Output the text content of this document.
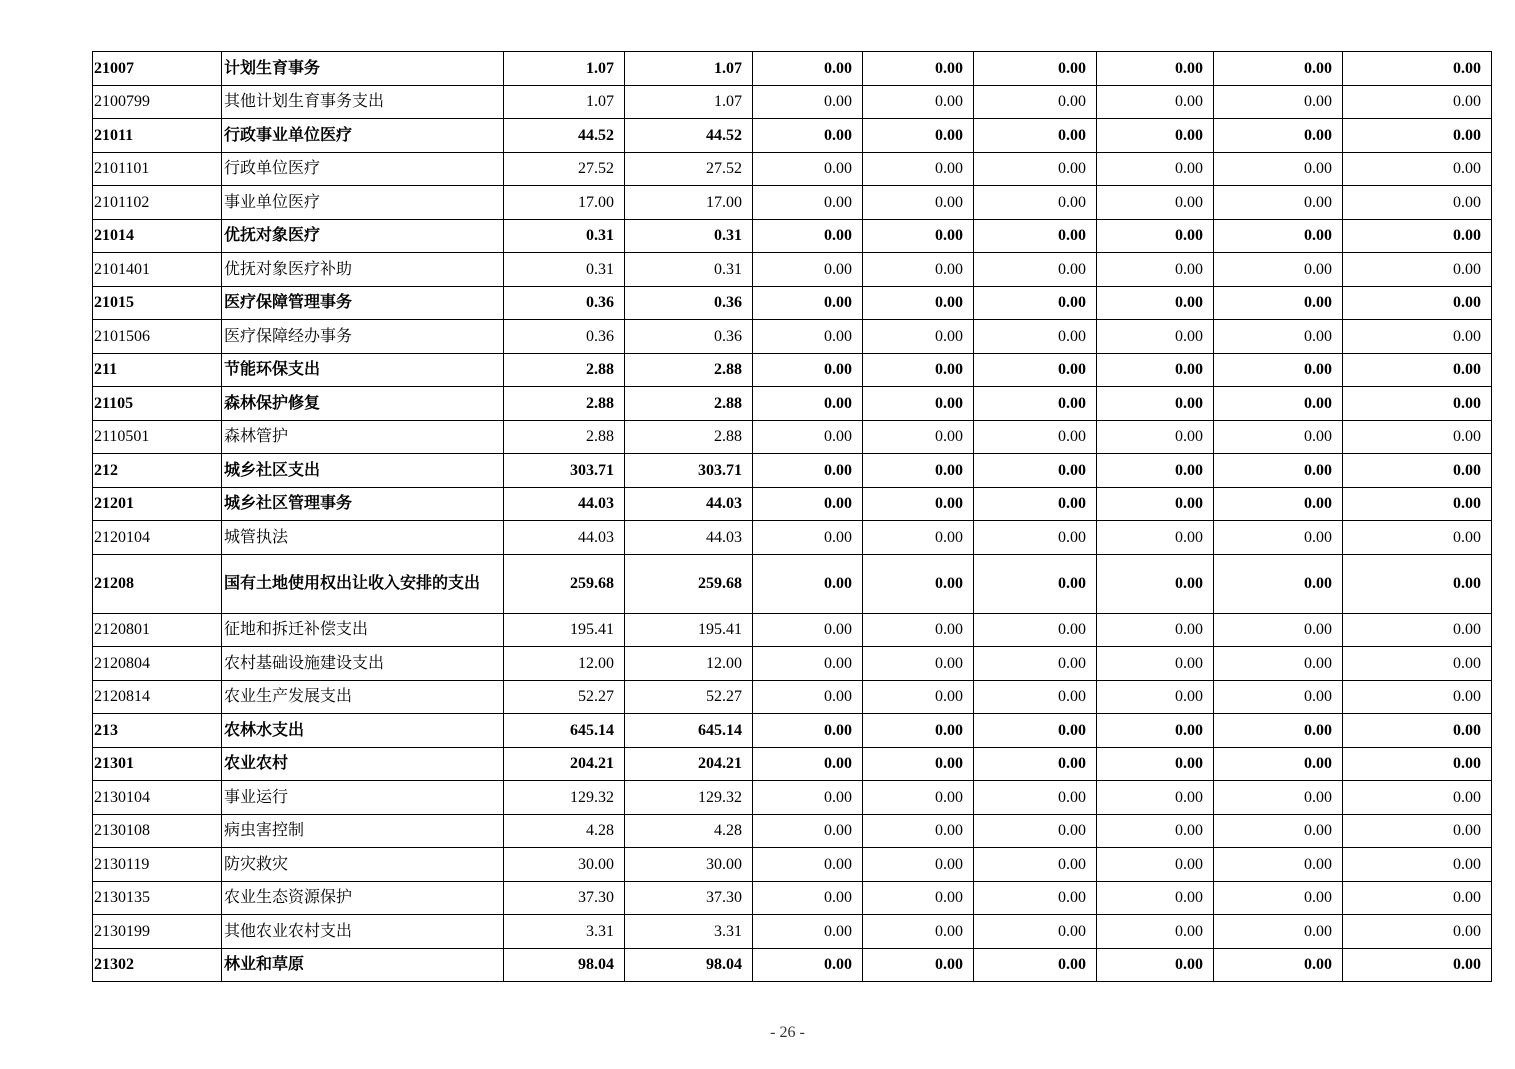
21007	计划生育事务	1.07	1.07	0.00	0.00	0.00	0.00	0.00	0.00
2100799	其他计划生育事务支出	1.07	1.07	0.00	0.00	0.00	0.00	0.00	0.00
21011	行政事业单位医疗	44.52	44.52	0.00	0.00	0.00	0.00	0.00	0.00
2101101	行政单位医疗	27.52	27.52	0.00	0.00	0.00	0.00	0.00	0.00
2101102	事业单位医疗	17.00	17.00	0.00	0.00	0.00	0.00	0.00	0.00
21014	优抚对象医疗	0.31	0.31	0.00	0.00	0.00	0.00	0.00	0.00
2101401	优抚对象医疗补助	0.31	0.31	0.00	0.00	0.00	0.00	0.00	0.00
21015	医疗保障管理事务	0.36	0.36	0.00	0.00	0.00	0.00	0.00	0.00
2101506	医疗保障经办事务	0.36	0.36	0.00	0.00	0.00	0.00	0.00	0.00
211	节能环保支出	2.88	2.88	0.00	0.00	0.00	0.00	0.00	0.00
21105	森林保护修复	2.88	2.88	0.00	0.00	0.00	0.00	0.00	0.00
2110501	森林管护	2.88	2.88	0.00	0.00	0.00	0.00	0.00	0.00
212	城乡社区支出	303.71	303.71	0.00	0.00	0.00	0.00	0.00	0.00
21201	城乡社区管理事务	44.03	44.03	0.00	0.00	0.00	0.00	0.00	0.00
2120104	城管执法	44.03	44.03	0.00	0.00	0.00	0.00	0.00	0.00
21208	国有土地使用权出让收入安排的支出	259.68	259.68	0.00	0.00	0.00	0.00	0.00	0.00
2120801	征地和拆迁补偿支出	195.41	195.41	0.00	0.00	0.00	0.00	0.00	0.00
2120804	农村基础设施建设支出	12.00	12.00	0.00	0.00	0.00	0.00	0.00	0.00
2120814	农业生产发展支出	52.27	52.27	0.00	0.00	0.00	0.00	0.00	0.00
213	农林水支出	645.14	645.14	0.00	0.00	0.00	0.00	0.00	0.00
21301	农业农村	204.21	204.21	0.00	0.00	0.00	0.00	0.00	0.00
2130104	事业运行	129.32	129.32	0.00	0.00	0.00	0.00	0.00	0.00
2130108	病虫害控制	4.28	4.28	0.00	0.00	0.00	0.00	0.00	0.00
2130119	防灾救灾	30.00	30.00	0.00	0.00	0.00	0.00	0.00	0.00
2130135	农业生态资源保护	37.30	37.30	0.00	0.00	0.00	0.00	0.00	0.00
2130199	其他农业农村支出	3.31	3.31	0.00	0.00	0.00	0.00	0.00	0.00
21302	林业和草原	98.04	98.04	0.00	0.00	0.00	0.00	0.00	0.00
- 26 -
